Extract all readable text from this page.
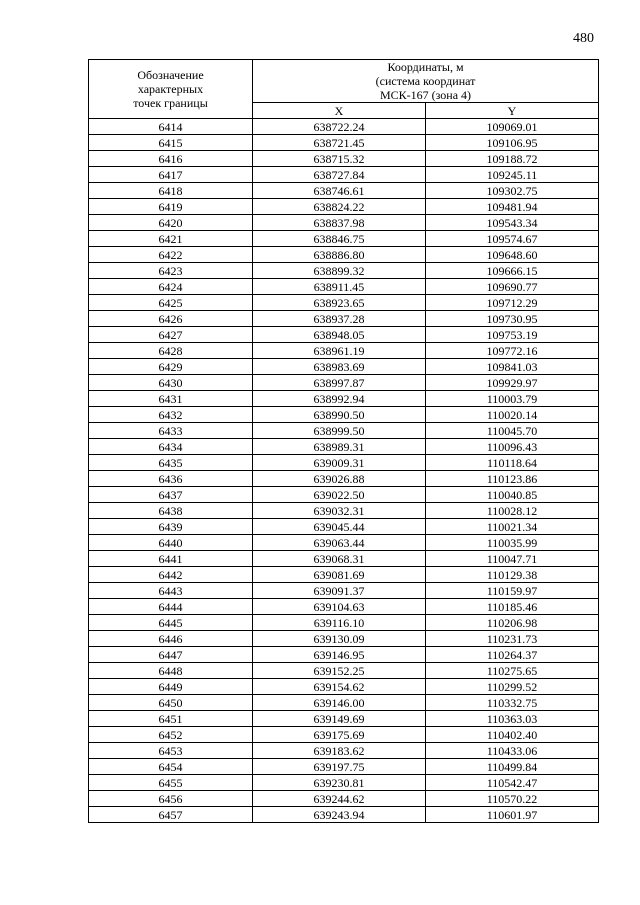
480
Обозначение
характерных
точек границы	Координаты, м
(система координат
МСК-167 (зона 4)	

	X	Y
6414	638722.24	109069.01
6415	638721.45	109106.95
6416	638715.32	109188.72
6417	638727.84	109245.11
6418	638746.61	109302.75
6419	638824.22	109481.94
6420	638837.98	109543.34
6421	638846.75	109574.67
6422	638886.80	109648.60
6423	638899.32	109666.15
6424	638911.45	109690.77
6425	638923.65	109712.29
6426	638937.28	109730.95
6427	638948.05	109753.19
6428	638961.19	109772.16
6429	638983.69	109841.03
6430	638997.87	109929.97
6431	638992.94	110003.79
6432	638990.50	110020.14
6433	638999.50	110045.70
6434	638989.31	110096.43
6435	639009.31	110118.64
6436	639026.88	110123.86
6437	639022.50	110040.85
6438	639032.31	110028.12
6439	639045.44	110021.34
6440	639063.44	110035.99
6441	639068.31	110047.71
6442	639081.69	110129.38
6443	639091.37	110159.97
6444	639104.63	110185.46
6445	639116.10	110206.98
6446	639130.09	110231.73
6447	639146.95	110264.37
6448	639152.25	110275.65
6449	639154.62	110299.52
6450	639146.00	110332.75
6451	639149.69	110363.03
6452	639175.69	110402.40
6453	639183.62	110433.06
6454	639197.75	110499.84
6455	639230.81	110542.47
6456	639244.62	110570.22
6457	639243.94	110601.97
